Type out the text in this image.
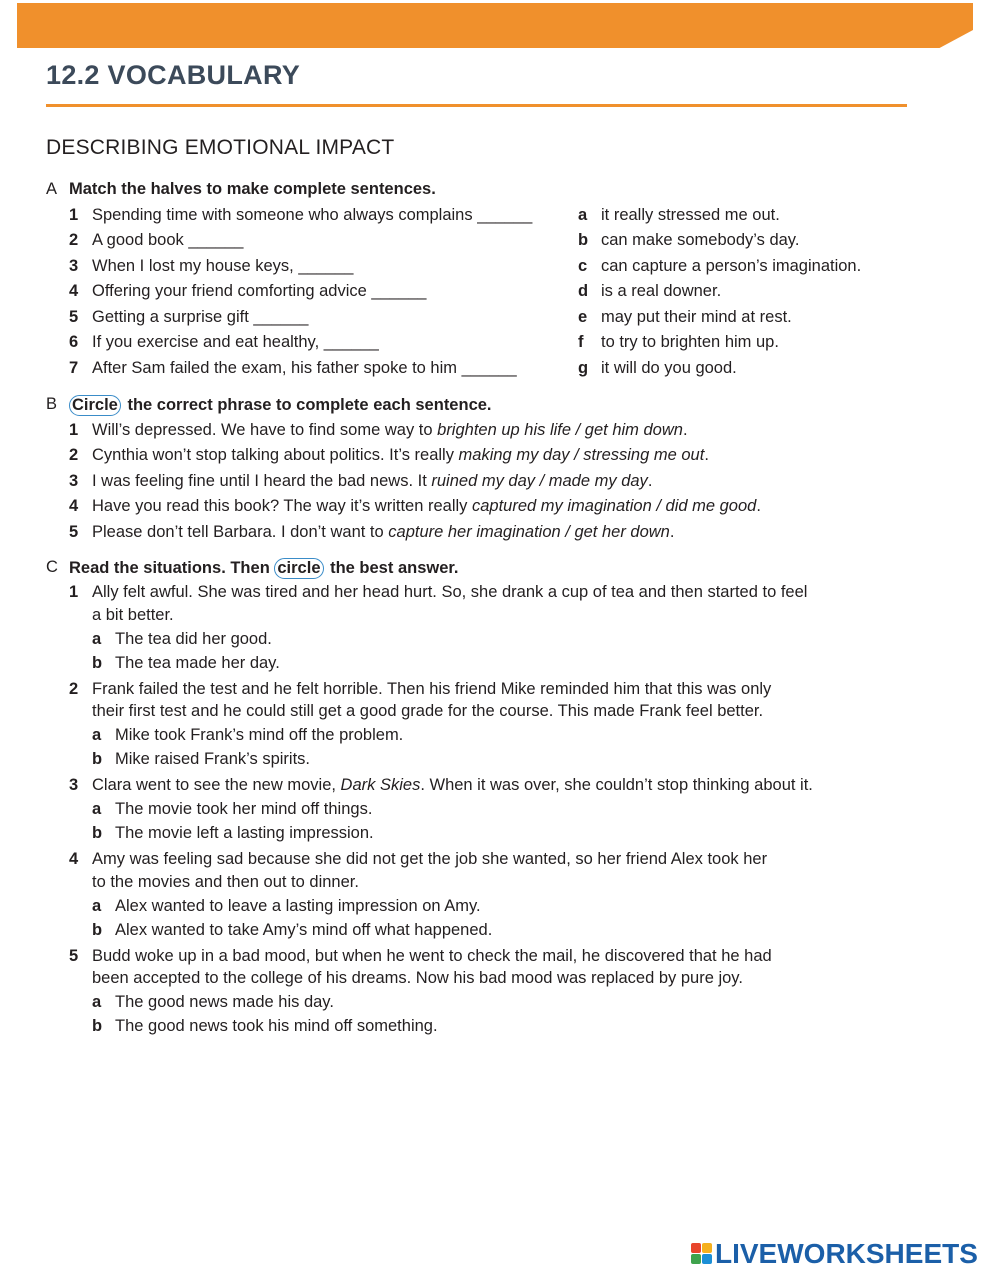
12.2 VOCABULARY
DESCRIBING EMOTIONAL IMPACT
A Match the halves to make complete sentences.
1 Spending time with someone who always complains ______
2 A good book ______
3 When I lost my house keys, ______
4 Offering your friend comforting advice ______
5 Getting a surprise gift ______
6 If you exercise and eat healthy, ______
7 After Sam failed the exam, his father spoke to him ______
a it really stressed me out.
b can make somebody’s day.
c can capture a person’s imagination.
d is a real downer.
e may put their mind at rest.
f to try to brighten him up.
g it will do you good.
B Circle the correct phrase to complete each sentence.
1 Will’s depressed. We have to find some way to brighten up his life / get him down.
2 Cynthia won’t stop talking about politics. It’s really making my day / stressing me out.
3 I was feeling fine until I heard the bad news. It ruined my day / made my day.
4 Have you read this book? The way it’s written really captured my imagination / did me good.
5 Please don’t tell Barbara. I don’t want to capture her imagination / get her down.
C Read the situations. Then circle the best answer.
1 Ally felt awful. She was tired and her head hurt. So, she drank a cup of tea and then started to feel
a bit better.
a The tea did her good.
b The tea made her day.
2 Frank failed the test and he felt horrible. Then his friend Mike reminded him that this was only
their first test and he could still get a good grade for the course. This made Frank feel better.
a Mike took Frank’s mind off the problem.
b Mike raised Frank’s spirits.
3 Clara went to see the new movie, Dark Skies. When it was over, she couldn’t stop thinking about it.
a The movie took her mind off things.
b The movie left a lasting impression.
4 Amy was feeling sad because she did not get the job she wanted, so her friend Alex took her
to the movies and then out to dinner.
a Alex wanted to leave a lasting impression on Amy.
b Alex wanted to take Amy’s mind off what happened.
5 Budd woke up in a bad mood, but when he went to check the mail, he discovered that he had
been accepted to the college of his dreams. Now his bad mood was replaced by pure joy.
a The good news made his day.
b The good news took his mind off something.
LIVEWORKSHEETS
